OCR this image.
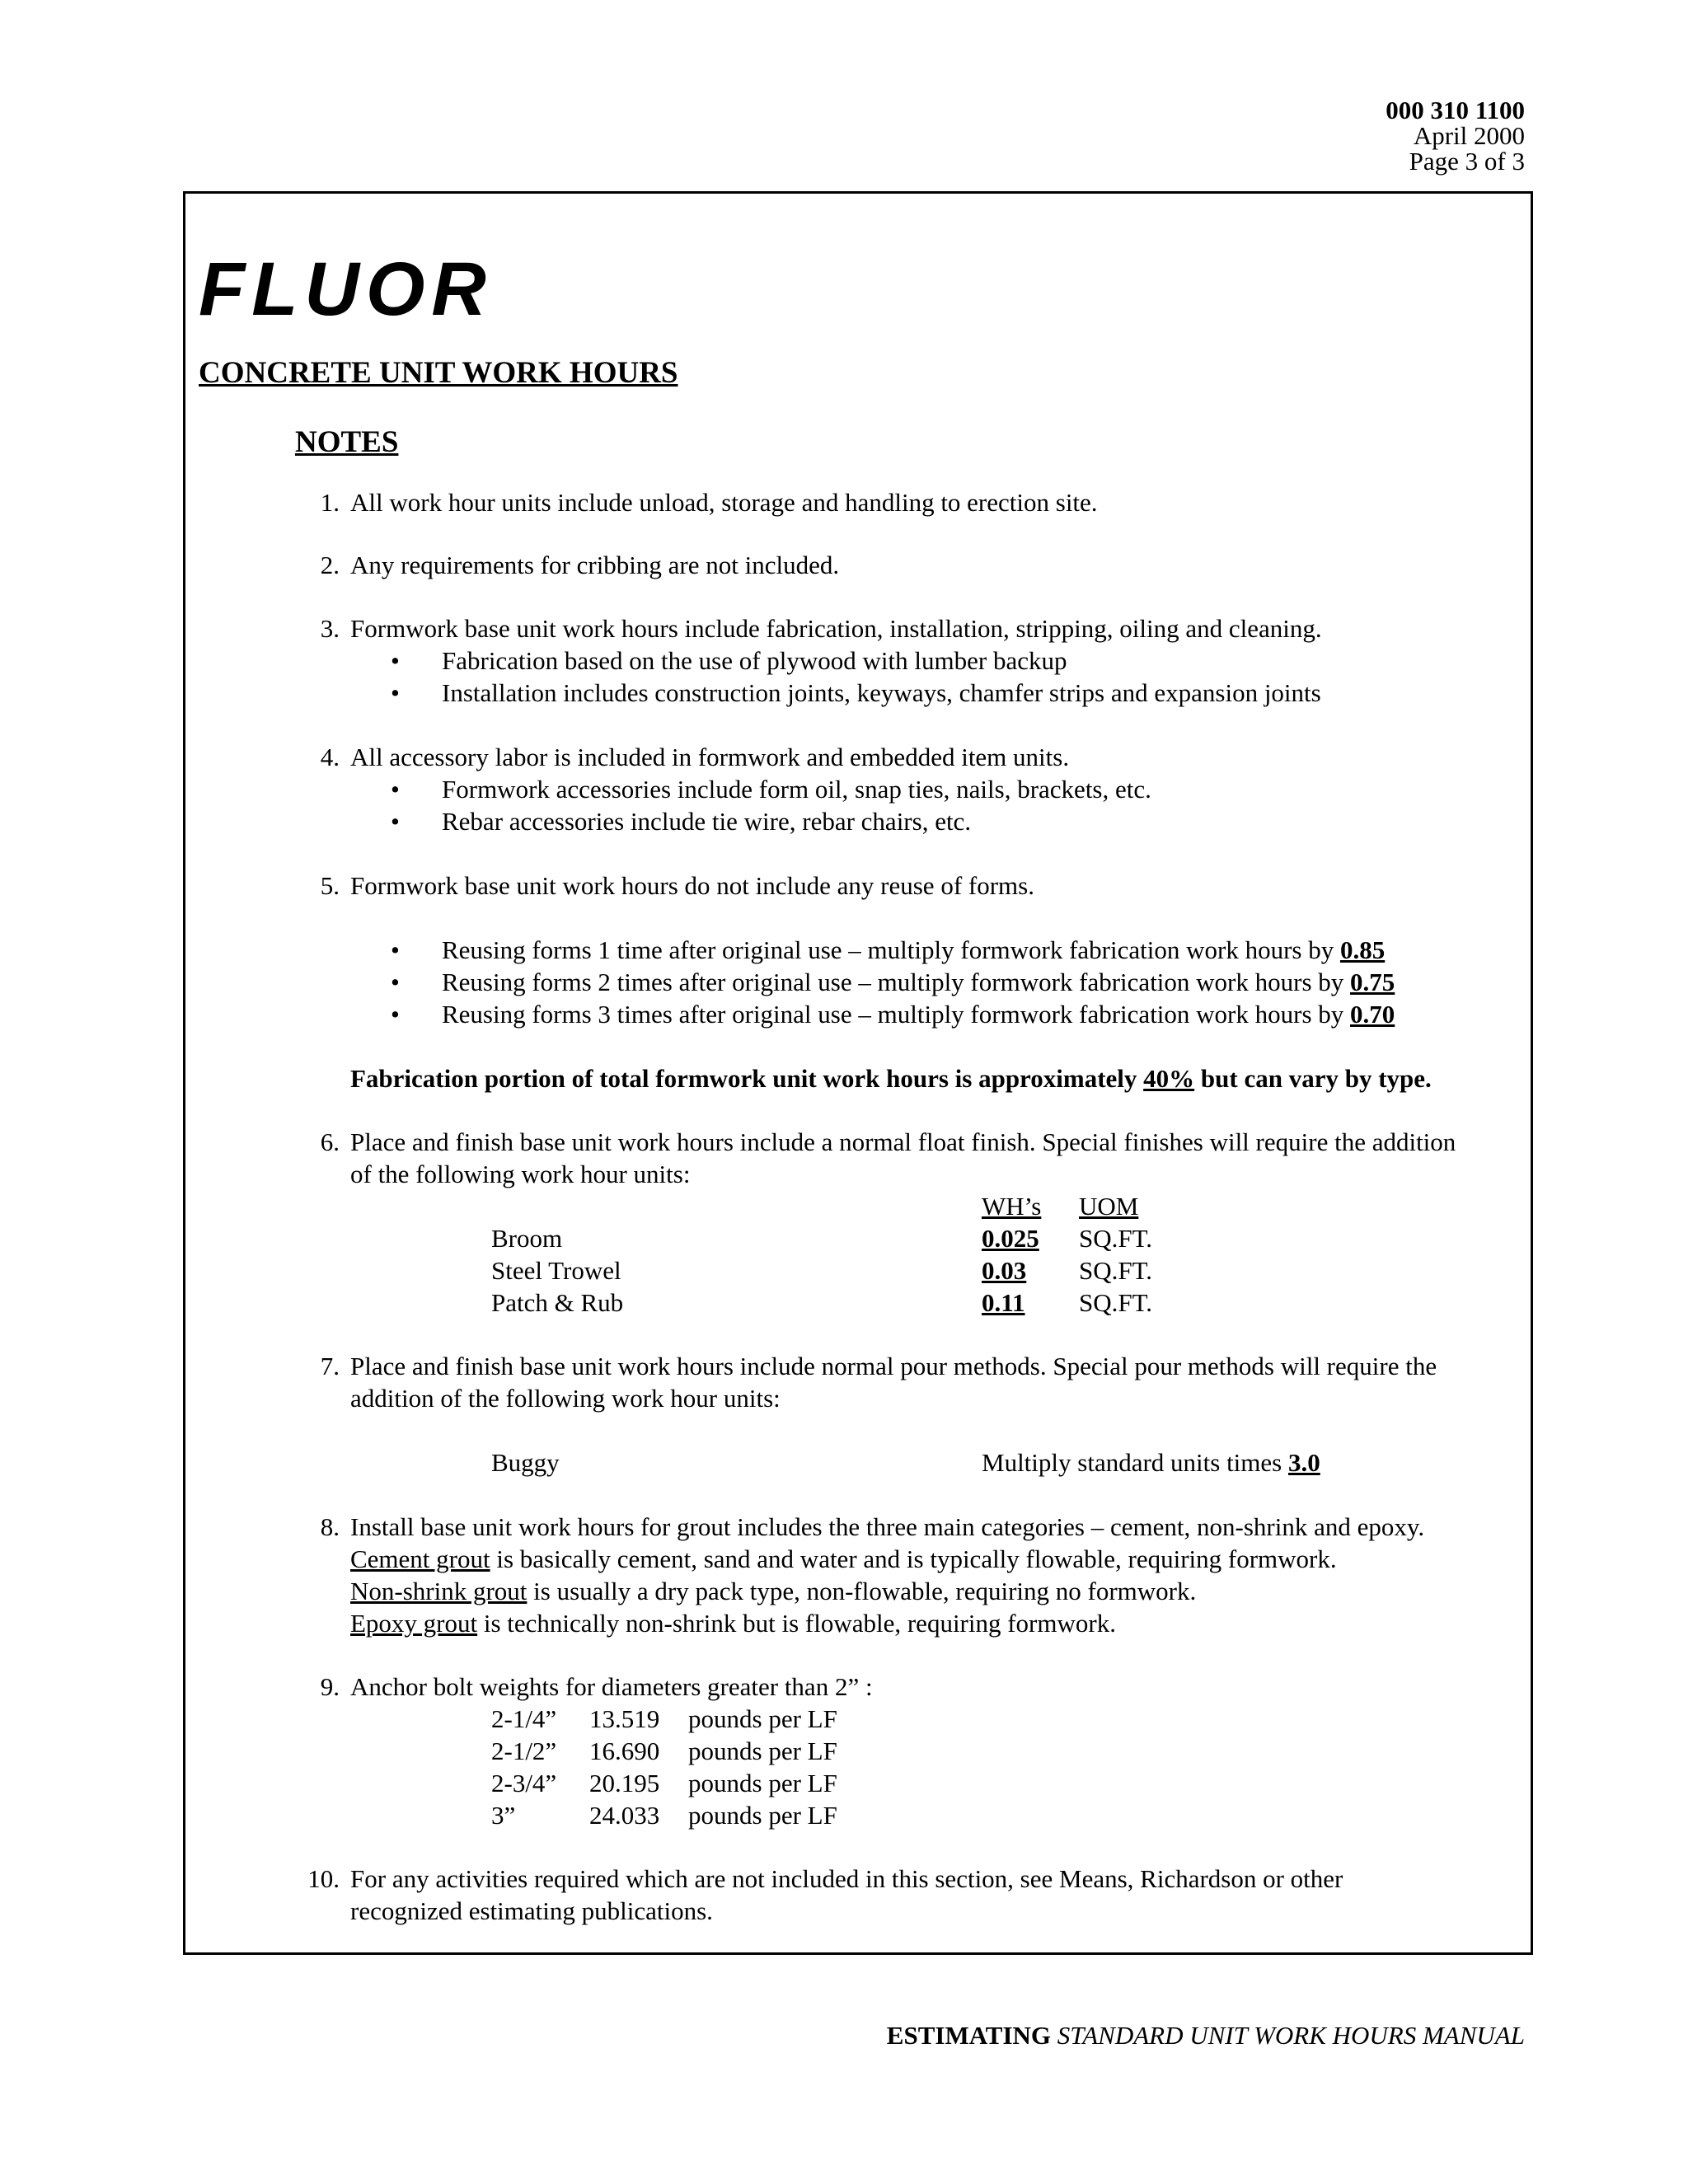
000 310 1100
April 2000
Page 3 of 3
FLUOR
CONCRETE UNIT WORK HOURS
NOTES
1. All work hour units include unload, storage and handling to erection site.
2. Any requirements for cribbing are not included.
3. Formwork base unit work hours include fabrication, installation, stripping, oiling and cleaning.
• Fabrication based on the use of plywood with lumber backup
• Installation includes construction joints, keyways, chamfer strips and expansion joints
4. All accessory labor is included in formwork and embedded item units.
• Formwork accessories include form oil, snap ties, nails, brackets, etc.
• Rebar accessories include tie wire, rebar chairs, etc.
5. Formwork base unit work hours do not include any reuse of forms.
• Reusing forms 1 time after original use – multiply formwork fabrication work hours by 0.85
• Reusing forms 2 times after original use – multiply formwork fabrication work hours by 0.75
• Reusing forms 3 times after original use – multiply formwork fabrication work hours by 0.70
Fabrication portion of total formwork unit work hours is approximately 40% but can vary by type.
6. Place and finish base unit work hours include a normal float finish. Special finishes will require the addition
of the following work hour units:
WH’s UOM
Broom	0.025 SQ.FT.
Steel Trowel	0.03 SQ.FT.
Patch & Rub	0.11 SQ.FT.
7. Place and finish base unit work hours include normal pour methods. Special pour methods will require the
addition of the following work hour units:
Buggy	Multiply standard units times 3.0
8. Install base unit work hours for grout includes the three main categories – cement, non-shrink and epoxy.
Cement grout is basically cement, sand and water and is typically flowable, requiring formwork.
Non-shrink grout is usually a dry pack type, non-flowable, requiring no formwork.
Epoxy grout is technically non-shrink but is flowable, requiring formwork.
9. Anchor bolt weights for diameters greater than 2” :
2-1/4” 13.519 pounds per LF
2-1/2” 16.690 pounds per LF
2-3/4” 20.195 pounds per LF
3”	24.033 pounds per LF
10. For any activities required which are not included in this section, see Means, Richardson or other
recognized estimating publications.
ESTIMATING STANDARD UNIT WORK HOURS MANUAL
